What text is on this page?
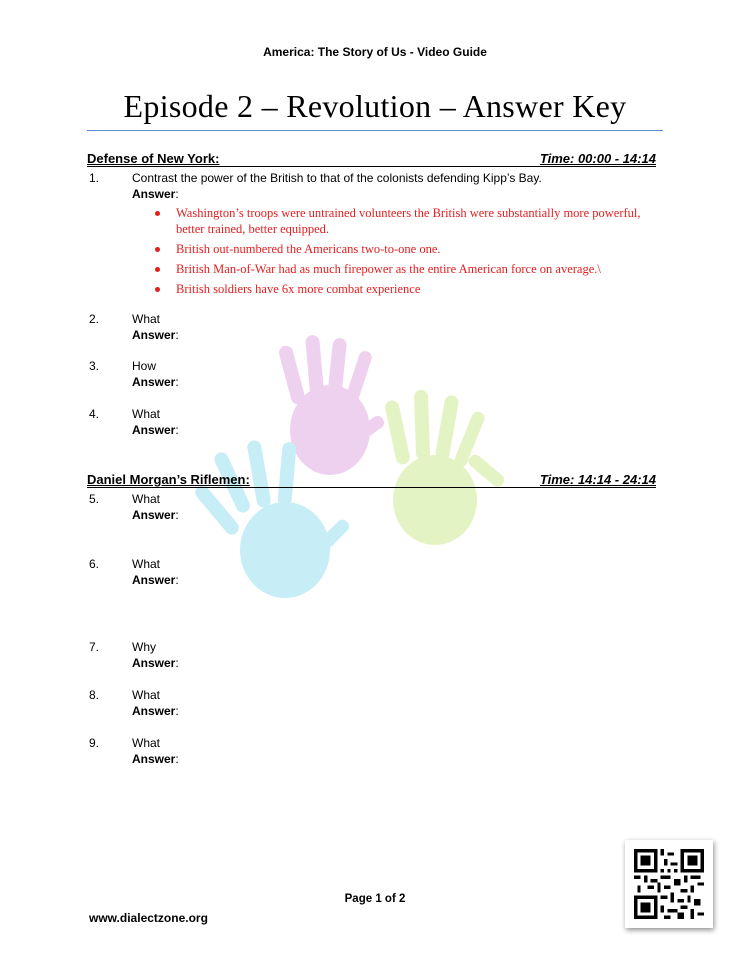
America: The Story of Us - Video Guide
Episode 2 – Revolution – Answer Key
Defense of New York:	Time: 00:00 - 14:14
1.	Contrast the power of the British to that of the colonists defending Kipp’s Bay.
Answer:
Washington’s troops were untrained volunteers the British were substantially more powerful, better trained, better equipped.
British out-numbered the Americans two-to-one one.
British Man-of-War had as much firepower as the entire American force on average.\
British soldiers have 6x more combat experience
2.	What
Answer:
3.	How
Answer:
4.	What
Answer:
Daniel Morgan’s Riflemen:	Time: 14:14 - 24:14
5.	What
Answer:
6.	What
Answer:
7.	Why
Answer:
8.	What
Answer:
9.	What
Answer:
Page 1 of 2
www.dialectzone.org
